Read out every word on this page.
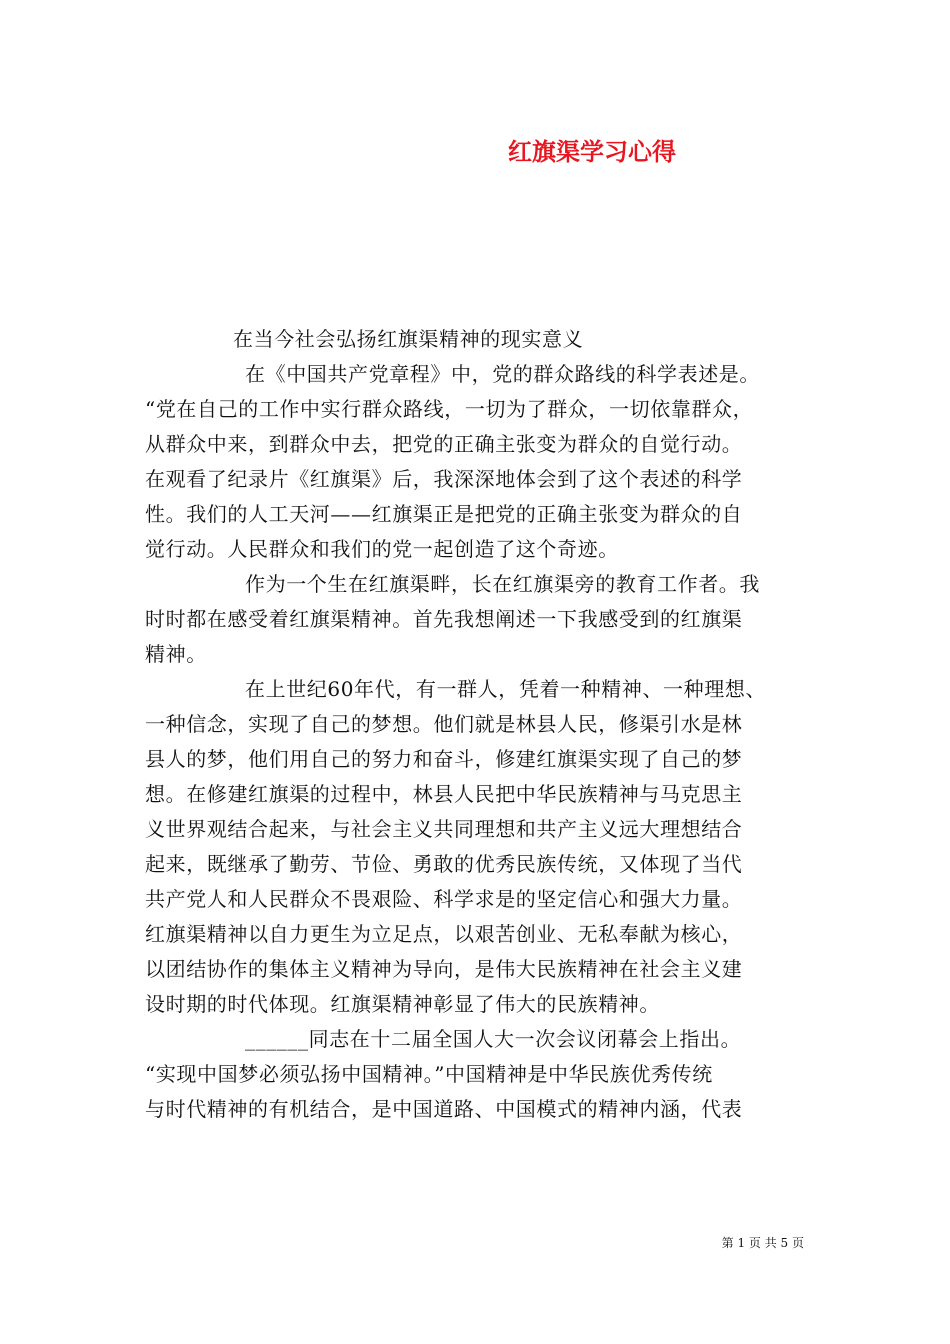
红旗渠学习心得
在当今社会弘扬红旗渠精神的现实意义
在《中国共产党章程》中，党的群众路线的科学表述是。
“党在自己的工作中实行群众路线，一切为了群众，一切依靠群众，
从群众中来，到群众中去，把党的正确主张变为群众的自觉行动。
在观看了纪录片《红旗渠》后，我深深地体会到了这个表述的科学
性。我们的人工天河——红旗渠正是把党的正确主张变为群众的自
觉行动。人民群众和我们的党一起创造了这个奇迹。
作为一个生在红旗渠畔，长在红旗渠旁的教育工作者。我
时时都在感受着红旗渠精神。首先我想阐述一下我感受到的红旗渠
精神。
在上世纪60年代，有一群人，凭着一种精神、一种理想、
一种信念，实现了自己的梦想。他们就是林县人民，修渠引水是林
县人的梦，他们用自己的努力和奋斗，修建红旗渠实现了自己的梦
想。在修建红旗渠的过程中，林县人民把中华民族精神与马克思主
义世界观结合起来，与社会主义共同理想和共产主义远大理想结合
起来，既继承了勤劳、节俭、勇敢的优秀民族传统，又体现了当代
共产党人和人民群众不畏艰险、科学求是的坚定信心和强大力量。
红旗渠精神以自力更生为立足点，以艰苦创业、无私奉献为核心，
以团结协作的集体主义精神为导向，是伟大民族精神在社会主义建
设时期的时代体现。红旗渠精神彰显了伟大的民族精神。
______同志在十二届全国人大一次会议闭幕会上指出。
“实现中国梦必须弘扬中国精神。”中国精神是中华民族优秀传统
与时代精神的有机结合，是中国道路、中国模式的精神内涵，代表
第 1 页 共 5 页
